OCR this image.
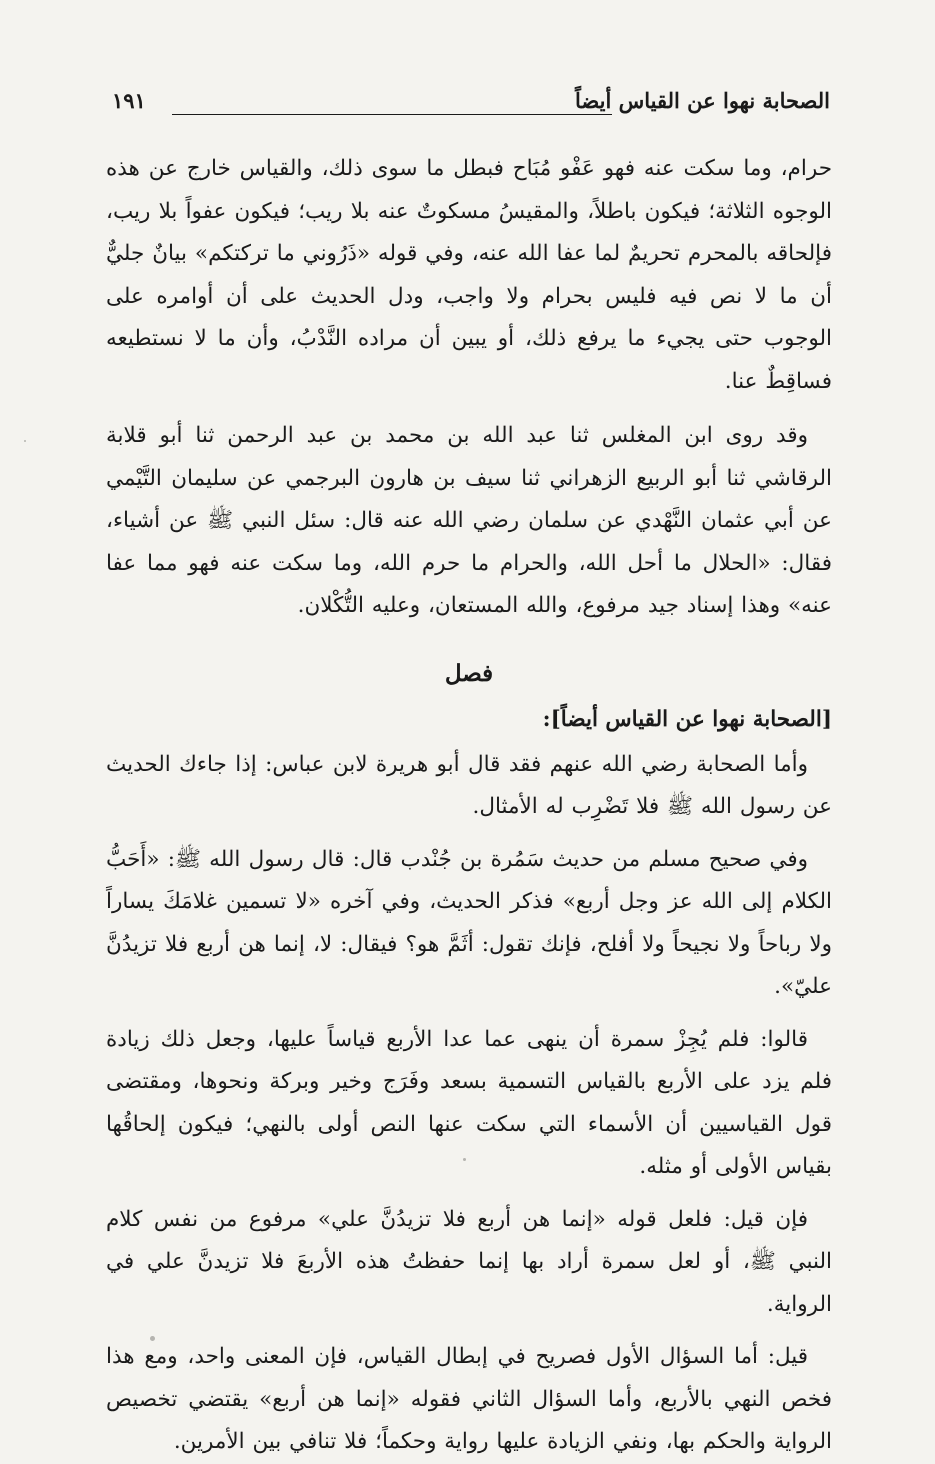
الصحابة نهوا عن القياس أيضاً
١٩١

حرام، وما سكت عنه فهو عَفْو مُبَاح فبطل ما سوى ذلك، والقياس خارج عن هذه الوجوه الثلاثة؛ فيكون باطلاً، والمقيسُ مسكوتٌ عنه بلا ريب؛ فيكون عفواً بلا ريب، فإلحاقه بالمحرم تحريمٌ لما عفا الله عنه، وفي قوله «ذَرُوني ما تركتكم» بيانٌ جليٌّ أن ما لا نص فيه فليس بحرام ولا واجب، ودل الحديث على أن أوامره على الوجوب حتى يجيء ما يرفع ذلك، أو يبين أن مراده النَّدْبُ، وأن ما لا نستطيعه فساقِطٌ عنا.

وقد روى ابن المغلس ثنا عبد الله بن محمد بن عبد الرحمن ثنا أبو قلابة الرقاشي ثنا أبو الربيع الزهراني ثنا سيف بن هارون البرجمي عن سليمان التَّيْمي عن أبي عثمان النَّهْدي عن سلمان رضي الله عنه قال: سئل النبي ﷺ عن أشياء، فقال: «الحلال ما أحل الله، والحرام ما حرم الله، وما سكت عنه فهو مما عفا عنه» وهذا إسناد جيد مرفوع، والله المستعان، وعليه التُّكْلان.

فصل
[الصحابة نهوا عن القياس أيضاً]:

وأما الصحابة رضي الله عنهم فقد قال أبو هريرة لابن عباس: إذا جاءك الحديث عن رسول الله ﷺ فلا تَضْرِب له الأمثال.

وفي صحيح مسلم من حديث سَمُرة بن جُنْدب قال: قال رسول الله ﷺ: «أَحَبُّ الكلام إلى الله عز وجل أربع» فذكر الحديث، وفي آخره «لا تسمين غلامَكَ يساراً ولا رباحاً ولا نجيحاً ولا أفلح، فإنك تقول: أثَمَّ هو؟ فيقال: لا، إنما هن أربع فلا تزيدُنَّ عليّ».

قالوا: فلم يُجِزْ سمرة أن ينهى عما عدا الأربع قياساً عليها، وجعل ذلك زيادة فلم يزد على الأربع بالقياس التسمية بسعد وفَرَج وخير وبركة ونحوها، ومقتضى قول القياسيين أن الأسماء التي سكت عنها النص أولى بالنهي؛ فيكون إلحاقُها بقياس الأولى أو مثله.

فإن قيل: فلعل قوله «إنما هن أربع فلا تزيدُنَّ علي» مرفوع من نفس كلام النبي ﷺ، أو لعل سمرة أراد بها إنما حفظتُ هذه الأربعَ فلا تزيدنَّ علي في الرواية.

قيل: أما السؤال الأول فصريح في إبطال القياس، فإن المعنى واحد، ومع هذا فخص النهي بالأربع، وأما السؤال الثاني فقوله «إنما هن أربع» يقتضي تخصيص الرواية والحكم بها، ونفي الزيادة عليها رواية وحكماً؛ فلا تنافي بين الأمرين.
